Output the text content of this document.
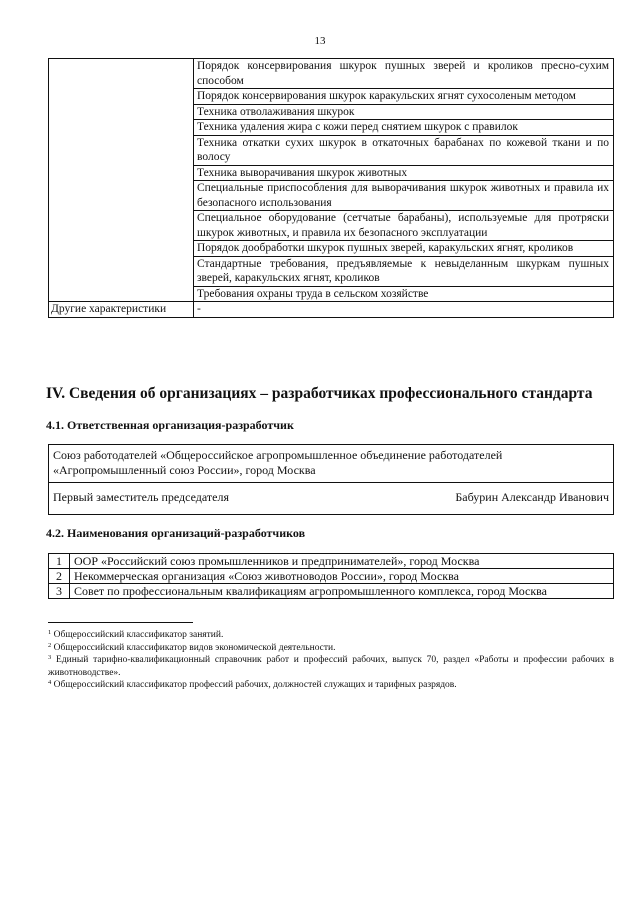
13
	Порядок консервирования шкурок пушных зверей и кроликов пресно-сухим способом
	Порядок консервирования шкурок каракульских ягнят сухосоленым методом
	Техника отволаживания шкурок
	Техника удаления жира с кожи перед снятием шкурок с правилок
	Техника откатки сухих шкурок в откаточных барабанах по кожевой ткани и по волосу
	Техника выворачивания шкурок животных
	Специальные приспособления для выворачивания шкурок животных и правила их безопасного использования
	Специальное оборудование (сетчатые барабаны), используемые для протряски шкурок животных, и правила их безопасного эксплуатации
	Порядок дообработки шкурок пушных зверей, каракульских ягнят, кроликов
	Стандартные требования, предъявляемые к невыделанным шкуркам пушных зверей, каракульских ягнят, кроликов
	Требования охраны труда в сельском хозяйстве
Другие характеристики	-
IV. Сведения об организациях – разработчиках профессионального стандарта
4.1. Ответственная организация-разработчик
Союз работодателей «Общероссийское агропромышленное объединение работодателей «Агропромышленный союз России», город Москва

Первый заместитель председателя	Бабурин Александр Иванович
4.2. Наименования организаций-разработчиков
1	ООР «Российский союз промышленников и предпринимателей», город Москва
2	Некоммерческая организация «Союз животноводов России», город Москва
3	Совет по профессиональным квалификациям агропромышленного комплекса, город Москва
$^1$ Общероссийский классификатор занятий.
$^2$ Общероссийский классификатор видов экономической деятельности.
$^3$ Единый тарифно-квалификационный справочник работ и профессий рабочих, выпуск 70, раздел «Работы и профессии рабочих в животноводстве».
$^4$ Общероссийский классификатор профессий рабочих, должностей служащих и тарифных разрядов.
